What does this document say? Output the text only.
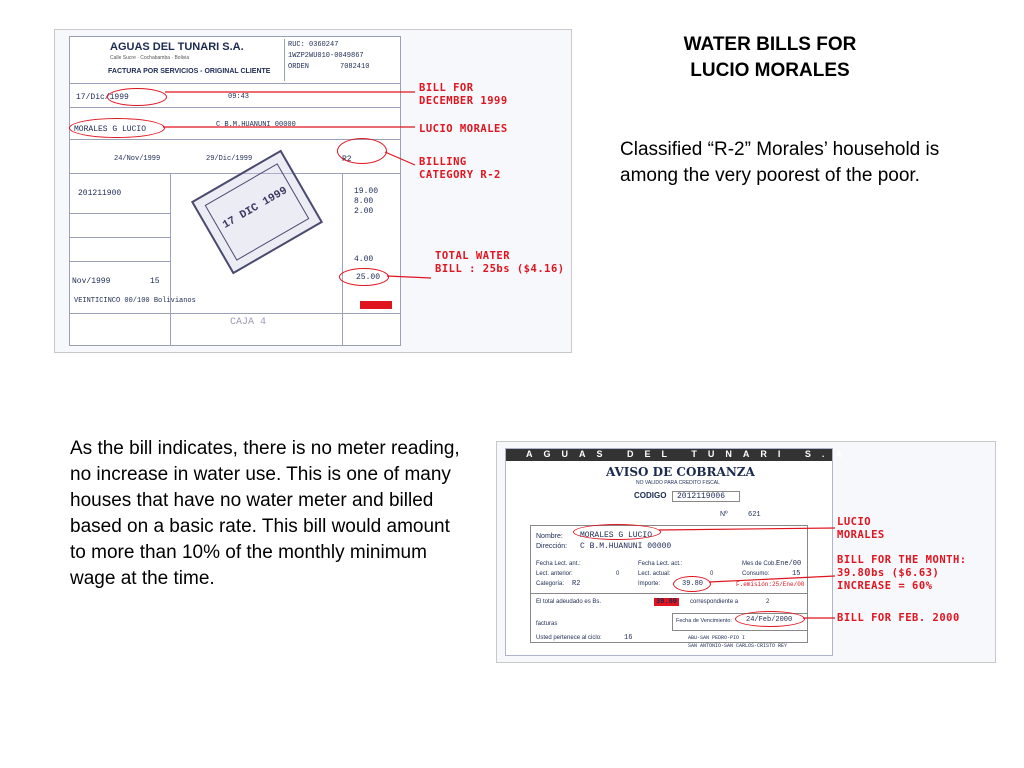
WATER BILLS FOR
LUCIO MORALES
Classified “R-2” Morales’ household is among the very poorest of the poor.
As the bill indicates, there is no meter reading, no increase in water use. This is one of many houses that have no water meter and billed based on a basic rate. This bill would amount to more than 10% of the monthly minimum wage at the time.
AGUAS DEL TUNARI S.A.
Calle Sucre · Cochabamba · Bolivia
FACTURA POR SERVICIOS - ORIGINAL CLIENTE
RUC: 0360247
1WZP2WU010-0049867
ORDEN	7082410
17/Dic/1999	09:43
MORALES G LUCIO	C B.M.HUANUNI 00000
24/Nov/1999	29/Dic/1999	R2
201211900	19.00
8.00
2.00
4.00
Nov/1999	15	25.00
VEINTICINCO 00/100 Bolivianos
CAJA 4
17 DIC 1999
BILL FOR
DECEMBER 1999
LUCIO MORALES
BILLING
CATEGORY R-2
TOTAL WATER
BILL : 25bs ($4.16)
AGUAS DEL TUNARI S.A.
AVISO DE COBRANZA
NO VALIDO PARA CREDITO FISCAL
CODIGO	2012119006
Nº	621
Nombre: MORALES G LUCIO
Dirección: C B.M.HUANUNI 00000
Fecha Lect. ant.:
Lect. anterior:	0
Categoría: R2
Fecha Lect. act.:
Lect. actual:	0
Importe:	39.80
Mes de Cob.:
Ene/00
Consumo:	15
F.emisión:25/Ene/00
El total adeudado es Bs.	39.80	correspondiente a	2
facturas	Fecha de Vencimiento: 24/Feb/2000
Usted pertenece al ciclo:	16	ABU-SAN PEDRO-PIO I
SAN ANTONIO-SAN CARLOS-CRISTO REY
LUCIO
MORALES
BILL FOR THE MONTH:
39.80bs ($6.63)
INCREASE = 60%
BILL FOR FEB. 2000
